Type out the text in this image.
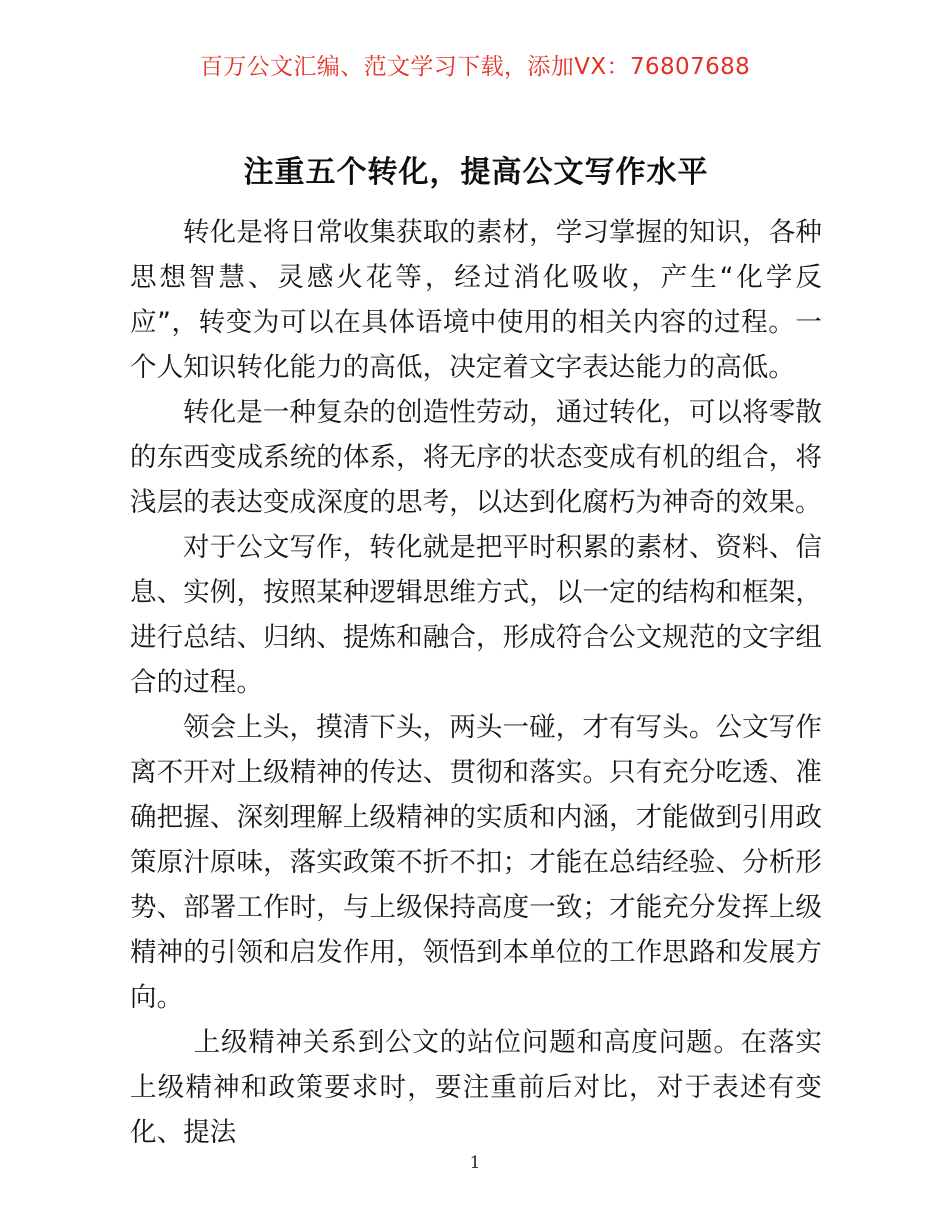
百万公文汇编、范文学习下载，添加VX：76807688
注重五个转化，提高公文写作水平

转化是将日常收集获取的素材，学习掌握的知识，各种思想智慧、灵感火花等，经过消化吸收，产生“化学反应”，转变为可以在具体语境中使用的相关内容的过程。一个人知识转化能力的高低，决定着文字表达能力的高低。

转化是一种复杂的创造性劳动，通过转化，可以将零散的东西变成系统的体系，将无序的状态变成有机的组合，将浅层的表达变成深度的思考，以达到化腐朽为神奇的效果。

对于公文写作，转化就是把平时积累的素材、资料、信息、实例，按照某种逻辑思维方式，以一定的结构和框架，进行总结、归纳、提炼和融合，形成符合公文规范的文字组合的过程。

领会上头，摸清下头，两头一碰，才有写头。公文写作离不开对上级精神的传达、贯彻和落实。只有充分吃透、准确把握、深刻理解上级精神的实质和内涵，才能做到引用政策原汁原味，落实政策不折不扣；才能在总结经验、分析形势、部署工作时，与上级保持高度一致；才能充分发挥上级精神的引领和启发作用，领悟到本单位的工作思路和发展方向。

上级精神关系到公文的站位问题和高度问题。在落实上级精神和政策要求时，要注重前后对比，对于表述有变化、提法

1
